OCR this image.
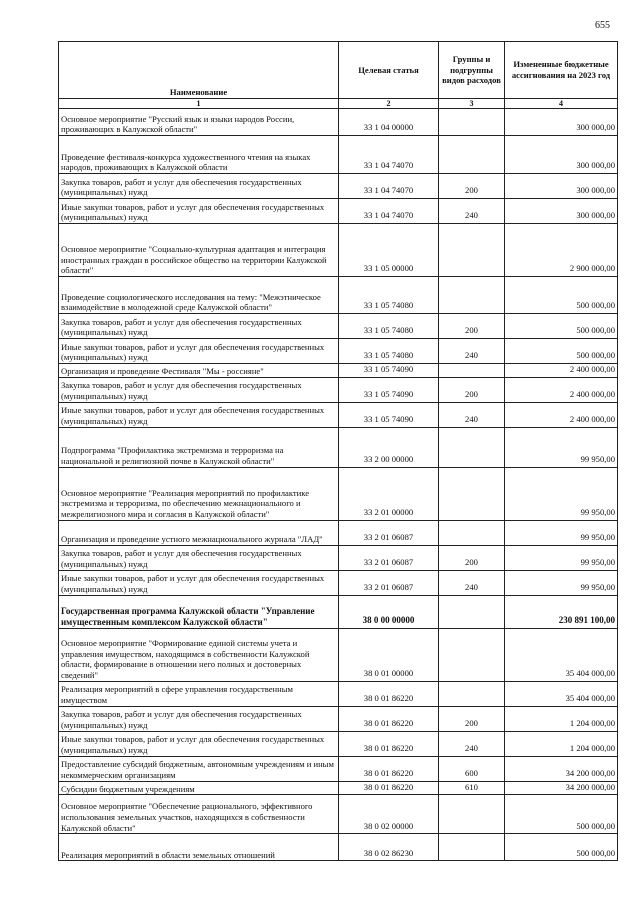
655
Наименование	Целевая статья	Группы и подгруппы видов расходов	Измененные бюджетные ассигнования на 2023 год
1	2	3	4
Основное мероприятие "Русский язык и языки народов России, проживающих в Калужской области"	33 1 04 00000		300 000,00
Проведение фестиваля-конкурса художественного чтения на языках народов, проживающих в Калужской области	33 1 04 74070		300 000,00
Закупка товаров, работ и услуг для обеспечения государственных (муниципальных) нужд	33 1 04 74070	200	300 000,00
Иные закупки товаров, работ и услуг для обеспечения государственных (муниципальных) нужд	33 1 04 74070	240	300 000,00
Основное мероприятие "Социально-культурная адаптация и интеграция иностранных граждан в российское общество на территории Калужской области"	33 1 05 00000		2 900 000,00
Проведение социологического исследования на тему: "Межэтническое взаимодействие в молодежной среде Калужской области"	33 1 05 74080		500 000,00
Закупка товаров, работ и услуг для обеспечения государственных (муниципальных) нужд	33 1 05 74080	200	500 000,00
Иные закупки товаров, работ и услуг для обеспечения государственных (муниципальных) нужд	33 1 05 74080	240	500 000,00
Организация и проведение Фестиваля "Мы - россияне"	33 1 05 74090		2 400 000,00
Закупка товаров, работ и услуг для обеспечения государственных (муниципальных) нужд	33 1 05 74090	200	2 400 000,00
Иные закупки товаров, работ и услуг для обеспечения государственных (муниципальных) нужд	33 1 05 74090	240	2 400 000,00
Подпрограмма "Профилактика экстремизма и терроризма на национальной и религиозной почве в Калужской области"	33 2 00 00000		99 950,00
Основное мероприятие "Реализация мероприятий по профилактике экстремизма и терроризма, по обеспечению межнационального и межрелигиозного мира и согласия в Калужской области"	33 2 01 00000		99 950,00
Организация и проведение устного межнационального журнала "ЛАД"	33 2 01 06087		99 950,00
Закупка товаров, работ и услуг для обеспечения государственных (муниципальных) нужд	33 2 01 06087	200	99 950,00
Иные закупки товаров, работ и услуг для обеспечения государственных (муниципальных) нужд	33 2 01 06087	240	99 950,00
Государственная программа Калужской области "Управление имущественным комплексом Калужской области"	38 0 00 00000		230 891 100,00
Основное мероприятие "Формирование единой системы учета и управления имуществом, находящимся в собственности Калужской области, формирование в отношении него полных и достоверных сведений"	38 0 01 00000		35 404 000,00
Реализация мероприятий в сфере управления государственным имуществом	38 0 01 86220		35 404 000,00
Закупка товаров, работ и услуг для обеспечения государственных (муниципальных) нужд	38 0 01 86220	200	1 204 000,00
Иные закупки товаров, работ и услуг для обеспечения государственных (муниципальных) нужд	38 0 01 86220	240	1 204 000,00
Предоставление субсидий бюджетным, автономным учреждениям и иным некоммерческим организациям	38 0 01 86220	600	34 200 000,00
Субсидии бюджетным учреждениям	38 0 01 86220	610	34 200 000,00
Основное мероприятие "Обеспечение рационального, эффективного использования земельных участков, находящихся в собственности Калужской области"	38 0 02 00000		500 000,00
Реализация мероприятий в области земельных отношений	38 0 02 86230		500 000,00
